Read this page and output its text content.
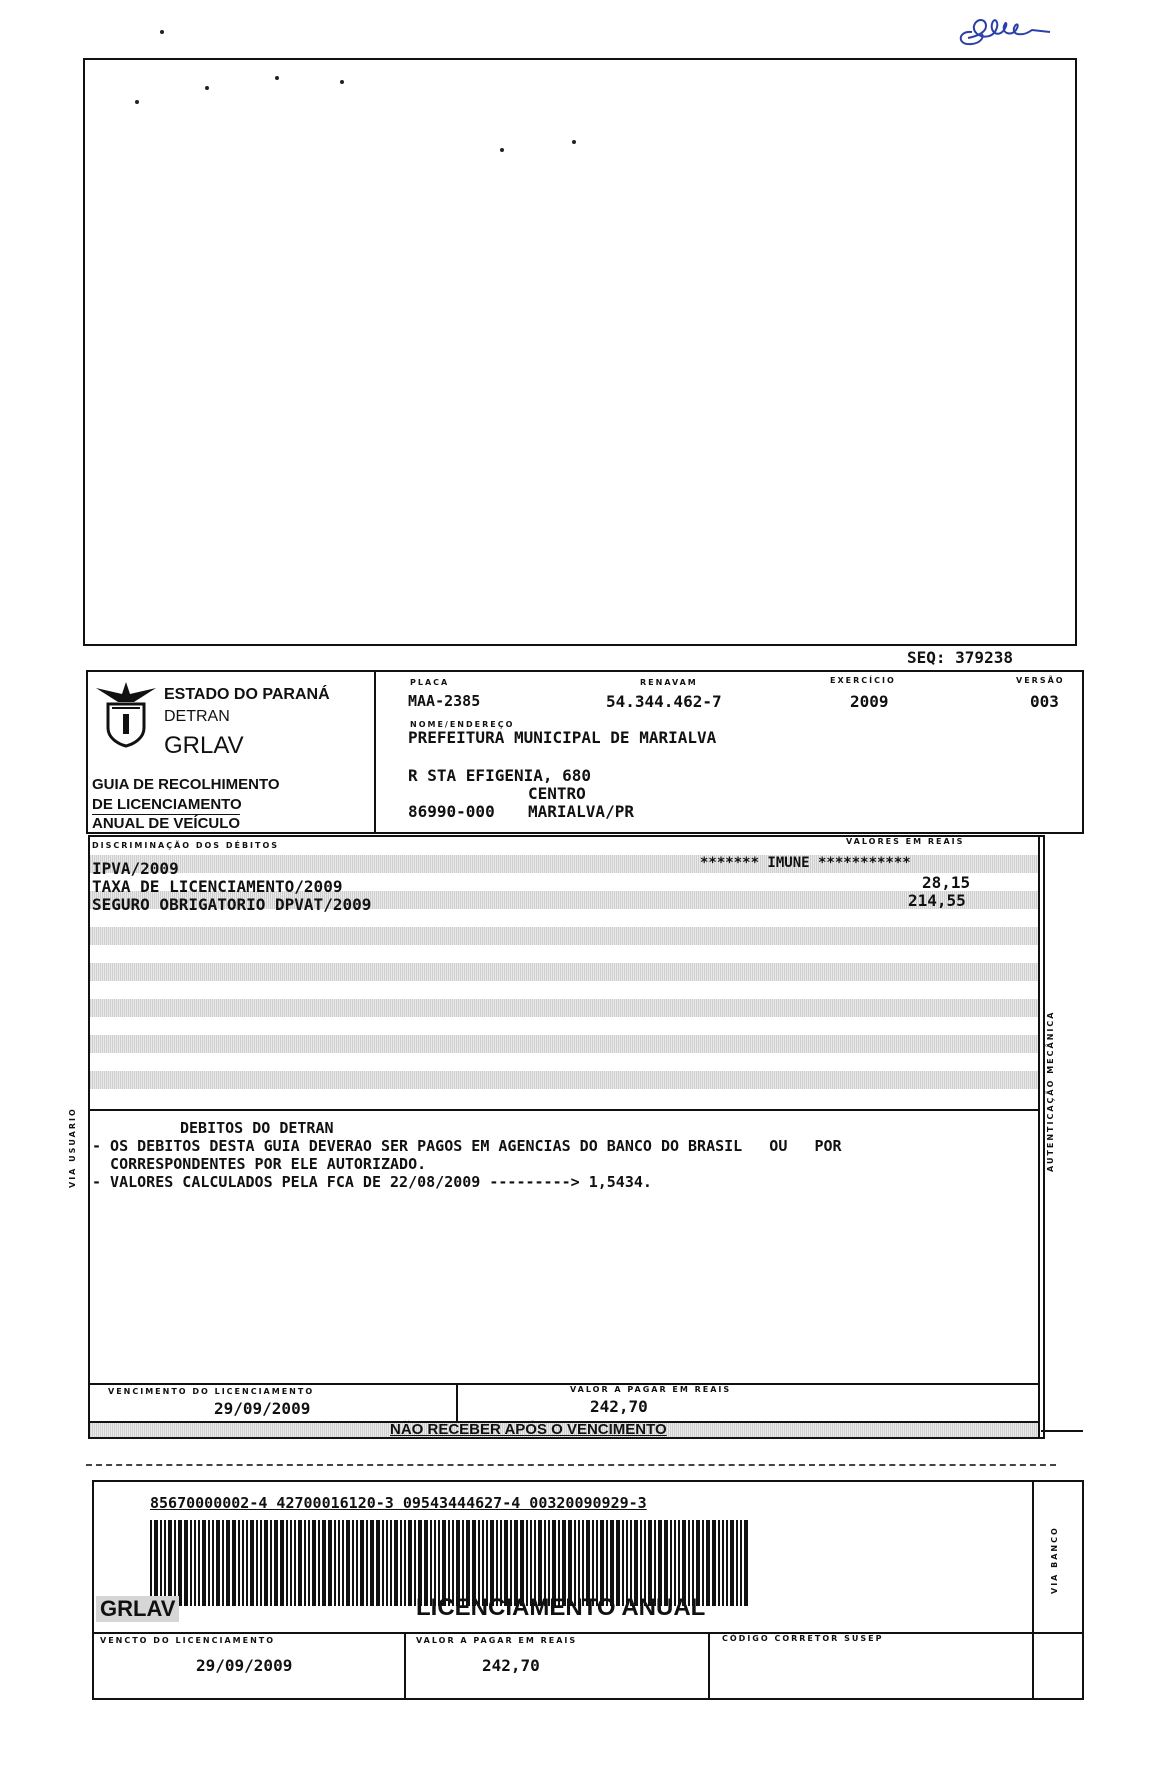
SEQ: 379238
ESTADO DO PARANÁ
DETRAN
GRLAV
GUIA DE RECOLHIMENTO
DE LICENCIAMENTO
ANUAL DE VEÍCULO
PLACA
MAA-2385
RENAVAM
54.344.462-7
EXERCÍCIO
2009
VERSÃO
003
NOME/ENDEREÇO
PREFEITURA MUNICIPAL DE MARIALVA
R STA EFIGENIA, 680
CENTRO
86990-000 MARIALVA/PR
DISCRIMINAÇÃO DOS DÉBITOS	VALORES EM REAIS
IPVA/2009	******* IMUNE ***********
TAXA DE LICENCIAMENTO/2009	28,15
SEGURO OBRIGATORIO DPVAT/2009	214,55
DEBITOS DO DETRAN
- OS DEBITOS DESTA GUIA DEVERAO SER PAGOS EM AGENCIAS DO BANCO DO BRASIL   OU   POR
CORRESPONDENTES POR ELE AUTORIZADO.
- VALORES CALCULADOS PELA FCA DE 22/08/2009 ---------> 1,5434.
VENCIMENTO DO LICENCIAMENTO
29/09/2009
VALOR A PAGAR EM REAIS
242,70
NÃO RECEBER APÓS O VENCIMENTO
VIA USUARIO	AUTENTICAÇÃO MECÂNICA
VENCTO DO LICENCIAMENTO
29/09/2009
VALOR A PAGAR EM REAIS
242,70
CÓDIGO CORRETOR SUSEP
85670000002-4 42700016120-3 09543444627-4 00320090929-3
GRLAV	LICENCIAMENTO ANUAL
VIA BANCO
